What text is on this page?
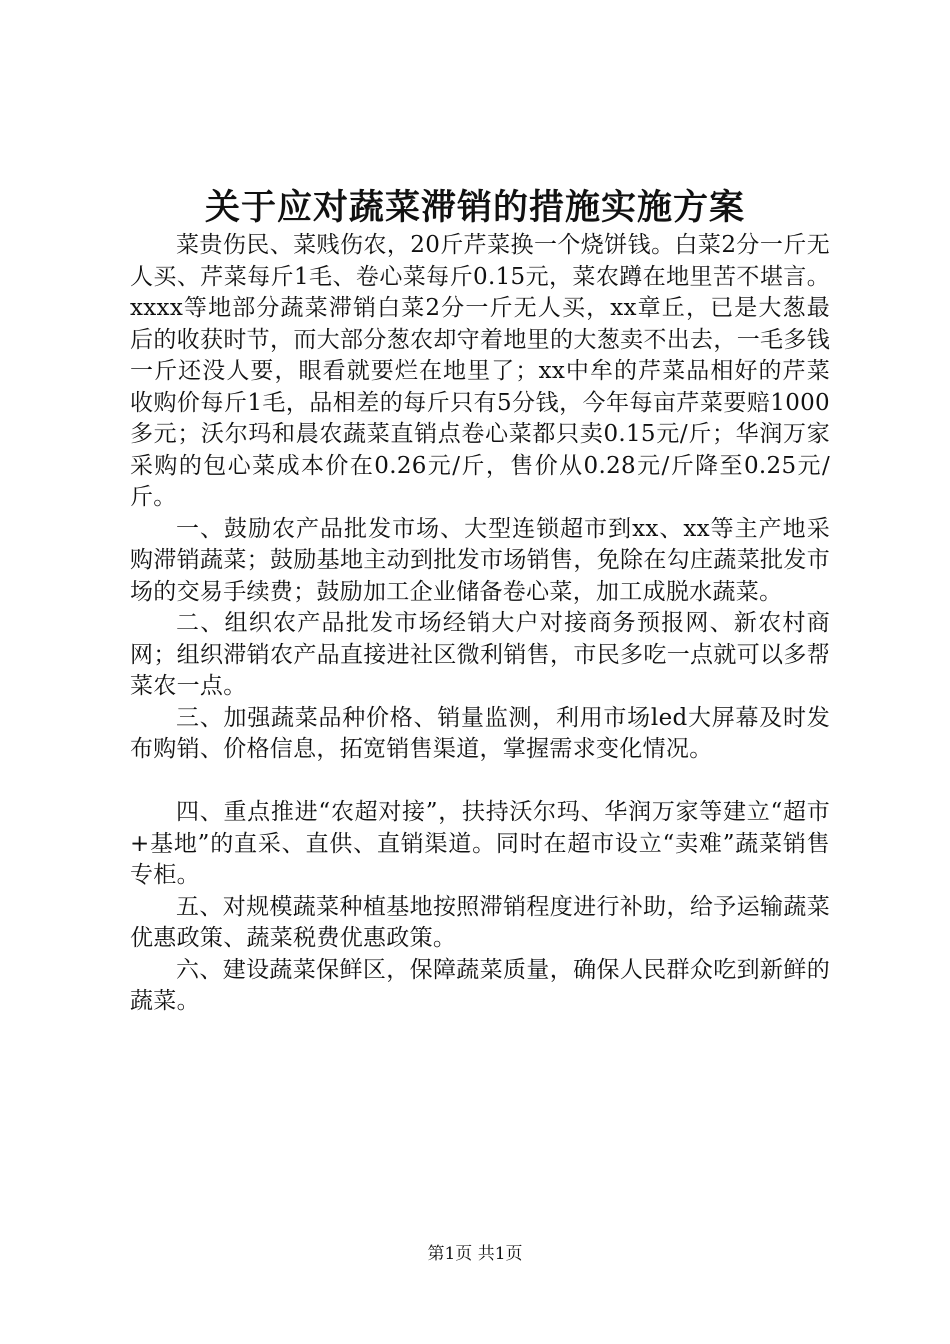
关于应对蔬菜滞销的措施实施方案

菜贵伤民、菜贱伤农，20斤芹菜换一个烧饼钱。白菜2分一斤无人买、芹菜每斤1毛、卷心菜每斤0.15元，菜农蹲在地里苦不堪言。xxxx等地部分蔬菜滞销白菜2分一斤无人买，xx章丘，已是大葱最后的收获时节，而大部分葱农却守着地里的大葱卖不出去，一毛多钱一斤还没人要，眼看就要烂在地里了；xx中牟的芹菜品相好的芹菜收购价每斤1毛，品相差的每斤只有5分钱，今年每亩芹菜要赔1000多元；沃尔玛和晨农蔬菜直销点卷心菜都只卖0.15元/斤；华润万家采购的包心菜成本价在0.26元/斤，售价从0.28元/斤降至0.25元/斤。

一、鼓励农产品批发市场、大型连锁超市到xx、xx等主产地采购滞销蔬菜；鼓励基地主动到批发市场销售，免除在勾庄蔬菜批发市场的交易手续费；鼓励加工企业储备卷心菜，加工成脱水蔬菜。

二、组织农产品批发市场经销大户对接商务预报网、新农村商网；组织滞销农产品直接进社区微利销售，市民多吃一点就可以多帮菜农一点。

三、加强蔬菜品种价格、销量监测，利用市场led大屏幕及时发布购销、价格信息，拓宽销售渠道，掌握需求变化情况。

四、重点推进“农超对接”，扶持沃尔玛、华润万家等建立“超市+基地”的直采、直供、直销渠道。同时在超市设立“卖难”蔬菜销售专柜。

五、对规模蔬菜种植基地按照滞销程度进行补助，给予运输蔬菜优惠政策、蔬菜税费优惠政策。

六、建设蔬菜保鲜区，保障蔬菜质量，确保人民群众吃到新鲜的蔬菜。

第1页 共1页
